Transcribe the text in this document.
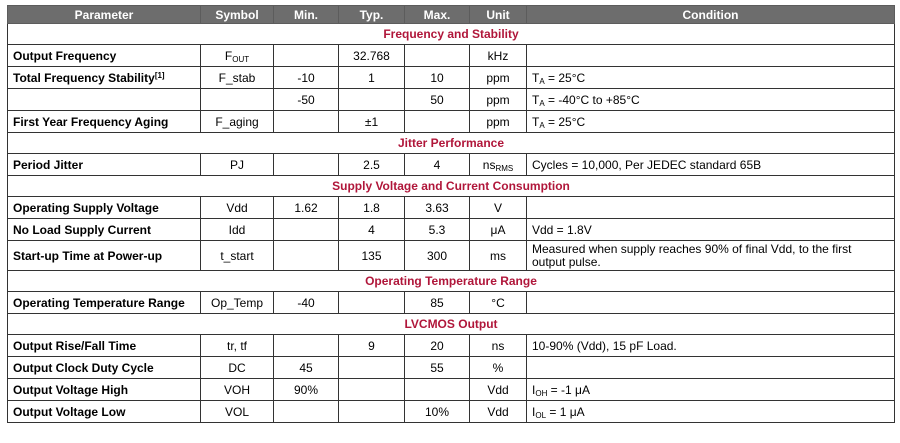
Parameter	Symbol	Min.	Typ.	Max.	Unit	Condition
Frequency and Stability						
Output Frequency	$F_{OUT}$		32.768		kHz	
Total Frequency Stability[1]	F_stab	-10	1	10	ppm	$T_A = 25^\circ C$
		-50		50	ppm	$T_A = -40^\circ C$ to +85°C
First Year Frequency Aging	F_aging		±1		ppm	$T_A = 25^\circ C$
Jitter Performance						
Period Jitter	PJ		2.5	4	$ns_{RMS}$	Cycles = 10,000, Per JEDEC standard 65B
Supply Voltage and Current Consumption						
Operating Supply Voltage	Vdd	1.62	1.8	3.63	V	
No Load Supply Current	Idd		4	5.3	μA	Vdd = 1.8V
Start-up Time at Power-up	t_start		135	300	ms	Measured when supply reaches 90% of final Vdd, to the first
output pulse.
Operating Temperature Range						
Operating Temperature Range	Op_Temp	-40		85	°C	
LVCMOS Output						
Output Rise/Fall Time	tr, tf		9	20	ns	10-90% (Vdd), 15 pF Load.
Output Clock Duty Cycle	DC	45		55	%	
Output Voltage High	VOH	90%			Vdd	$I_{OH} = -1$ μA
Output Voltage Low	VOL			10%	Vdd	$I_{OL} = 1$ μA
